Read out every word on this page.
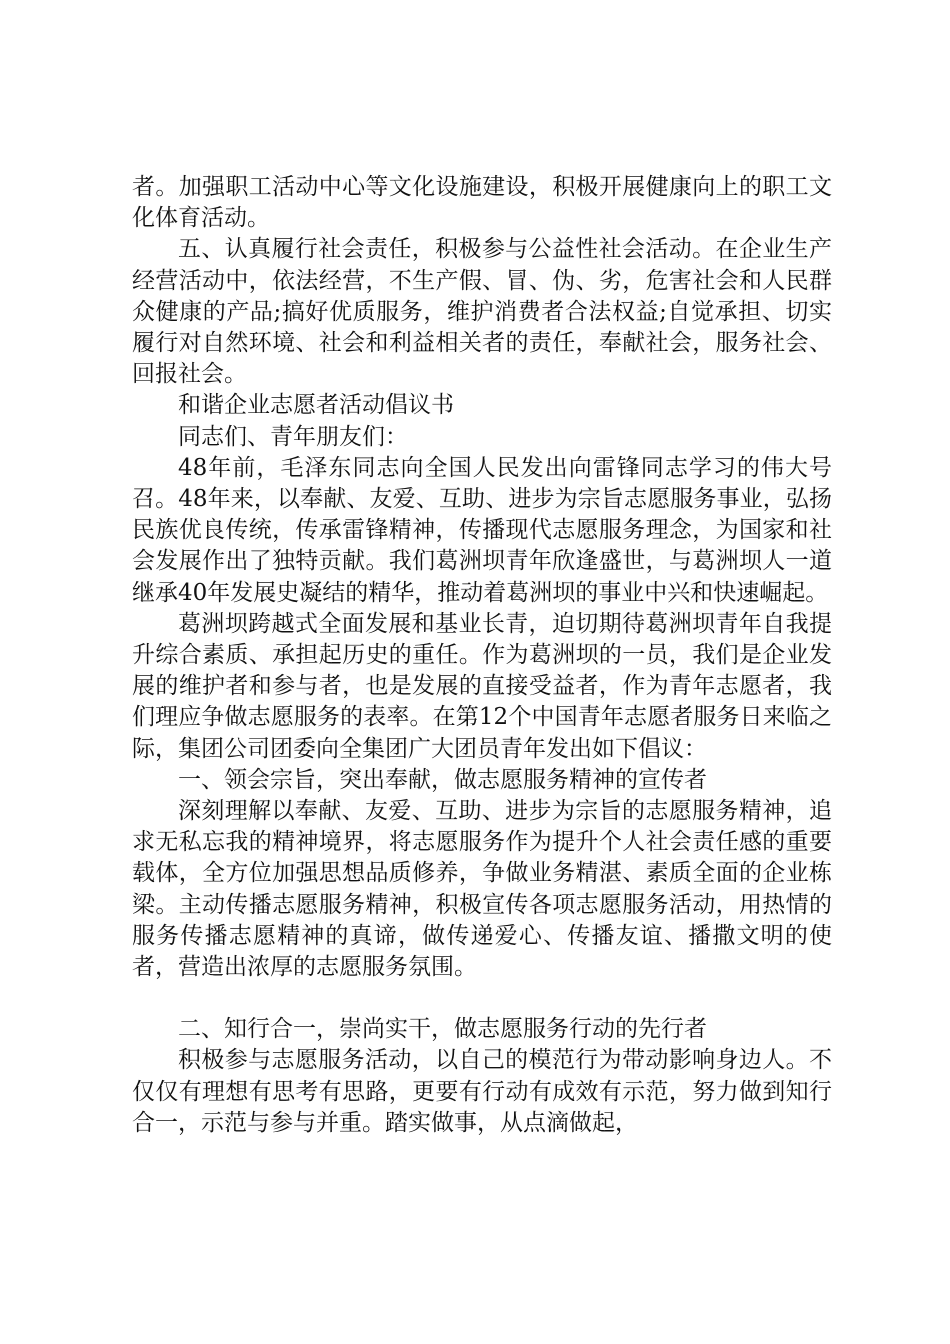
者。加强职工活动中心等文化设施建设，积极开展健康向上的职工文化体育活动。

五、认真履行社会责任，积极参与公益性社会活动。在企业生产经营活动中，依法经营，不生产假、冒、伪、劣，危害社会和人民群众健康的产品;搞好优质服务，维护消费者合法权益;自觉承担、切实履行对自然环境、社会和利益相关者的责任，奉献社会，服务社会、回报社会。

和谐企业志愿者活动倡议书

同志们、青年朋友们：

48年前，毛泽东同志向全国人民发出向雷锋同志学习的伟大号召。48年来，以奉献、友爱、互助、进步为宗旨志愿服务事业，弘扬民族优良传统，传承雷锋精神，传播现代志愿服务理念，为国家和社会发展作出了独特贡献。我们葛洲坝青年欣逢盛世，与葛洲坝人一道继承40年发展史凝结的精华，推动着葛洲坝的事业中兴和快速崛起。

葛洲坝跨越式全面发展和基业长青，迫切期待葛洲坝青年自我提升综合素质、承担起历史的重任。作为葛洲坝的一员，我们是企业发展的维护者和参与者，也是发展的直接受益者，作为青年志愿者，我们理应争做志愿服务的表率。在第12个中国青年志愿者服务日来临之际，集团公司团委向全集团广大团员青年发出如下倡议：

一、领会宗旨，突出奉献，做志愿服务精神的宣传者

深刻理解以奉献、友爱、互助、进步为宗旨的志愿服务精神，追求无私忘我的精神境界，将志愿服务作为提升个人社会责任感的重要载体，全方位加强思想品质修养，争做业务精湛、素质全面的企业栋梁。主动传播志愿服务精神，积极宣传各项志愿服务活动，用热情的服务传播志愿精神的真谛，做传递爱心、传播友谊、播撒文明的使者，营造出浓厚的志愿服务氛围。

二、知行合一，崇尚实干，做志愿服务行动的先行者

积极参与志愿服务活动，以自己的模范行为带动影响身边人。不仅仅有理想有思考有思路，更要有行动有成效有示范，努力做到知行合一，示范与参与并重。踏实做事，从点滴做起，
